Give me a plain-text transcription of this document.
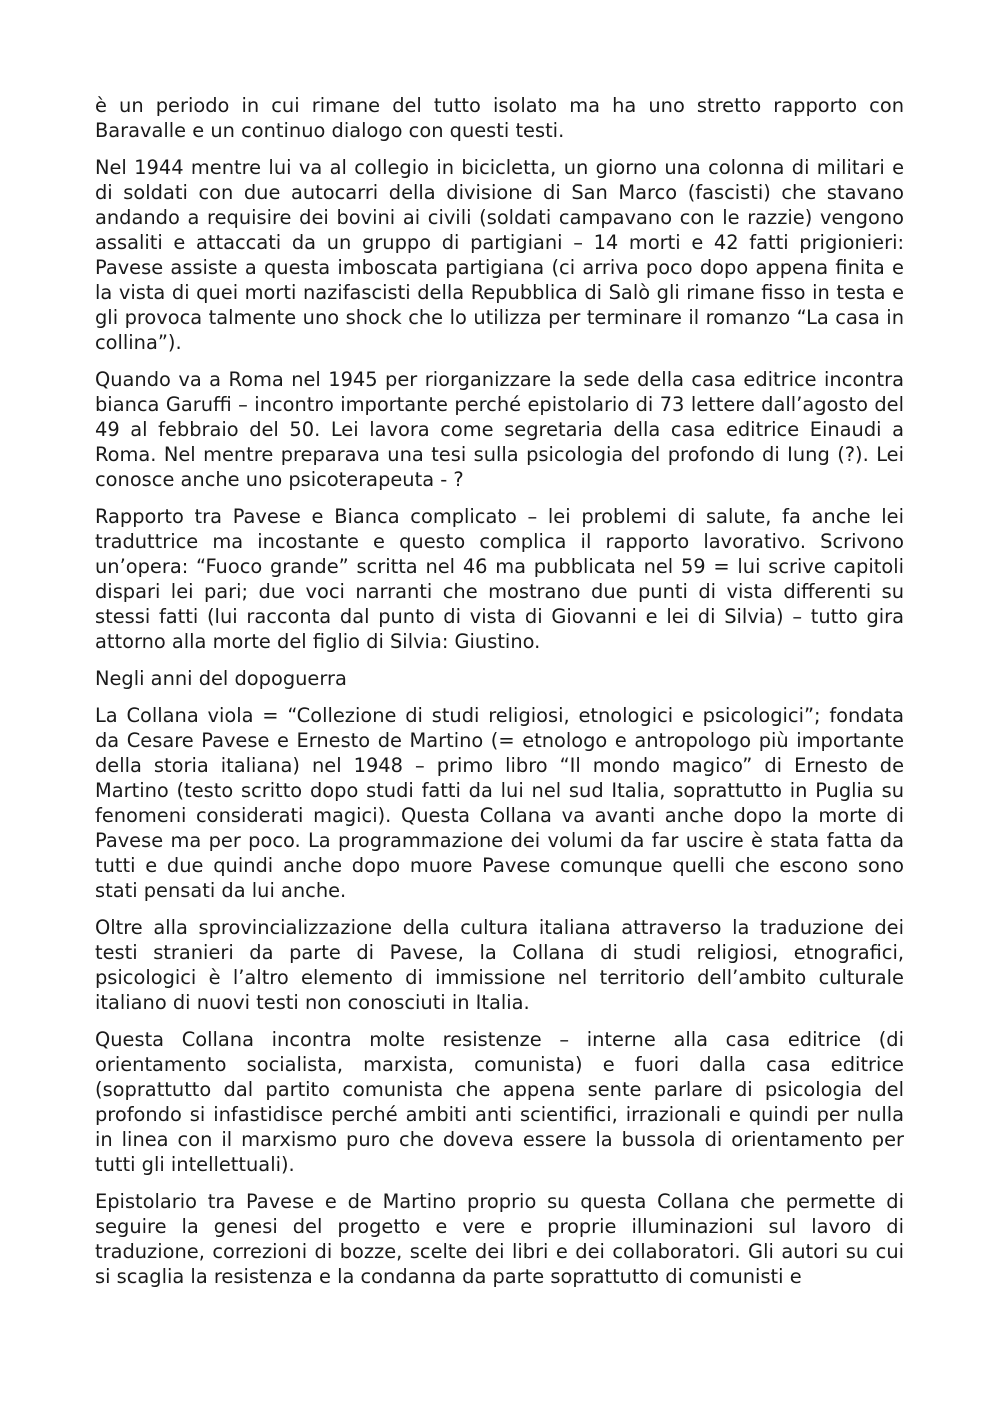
è un periodo in cui rimane del tutto isolato ma ha uno stretto rapporto con Baravalle e un continuo dialogo con questi testi.

Nel 1944 mentre lui va al collegio in bicicletta, un giorno una colonna di militari e di soldati con due autocarri della divisione di San Marco (fascisti) che stavano andando a requisire dei bovini ai civili (soldati campavano con le razzie) vengono assaliti e attaccati da un gruppo di partigiani – 14 morti e 42 fatti prigionieri: Pavese assiste a questa imboscata partigiana (ci arriva poco dopo appena finita e la vista di quei morti nazifascisti della Repubblica di Salò gli rimane fisso in testa e gli provoca talmente uno shock che lo utilizza per terminare il romanzo “La casa in collina”).

Quando va a Roma nel 1945 per riorganizzare la sede della casa editrice incontra bianca Garuffi – incontro importante perché epistolario di 73 lettere dall’agosto del 49 al febbraio del 50. Lei lavora come segretaria della casa editrice Einaudi a Roma. Nel mentre preparava una tesi sulla psicologia del profondo di Iung (?). Lei conosce anche uno psicoterapeuta - ?

Rapporto tra Pavese e Bianca complicato – lei problemi di salute, fa anche lei traduttrice ma incostante e questo complica il rapporto lavorativo. Scrivono un’opera: “Fuoco grande” scritta nel 46 ma pubblicata nel 59 = lui scrive capitoli dispari lei pari; due voci narranti che mostrano due punti di vista differenti su stessi fatti (lui racconta dal punto di vista di Giovanni e lei di Silvia) – tutto gira attorno alla morte del figlio di Silvia: Giustino.

Negli anni del dopoguerra

La Collana viola = “Collezione di studi religiosi, etnologici e psicologici”; fondata da Cesare Pavese e Ernesto de Martino (= etnologo e antropologo più importante della storia italiana) nel 1948 – primo libro “Il mondo magico” di Ernesto de Martino (testo scritto dopo studi fatti da lui nel sud Italia, soprattutto in Puglia su fenomeni considerati magici). Questa Collana va avanti anche dopo la morte di Pavese ma per poco. La programmazione dei volumi da far uscire è stata fatta da tutti e due quindi anche dopo muore Pavese comunque quelli che escono sono stati pensati da lui anche.

Oltre alla sprovincializzazione della cultura italiana attraverso la traduzione dei testi stranieri da parte di Pavese, la Collana di studi religiosi, etnografici, psicologici è l’altro elemento di immissione nel territorio dell’ambito culturale italiano di nuovi testi non conosciuti in Italia.

Questa Collana incontra molte resistenze – interne alla casa editrice (di orientamento socialista, marxista, comunista) e fuori dalla casa editrice (soprattutto dal partito comunista che appena sente parlare di psicologia del profondo si infastidisce perché ambiti anti scientifici, irrazionali e quindi per nulla in linea con il marxismo puro che doveva essere la bussola di orientamento per tutti gli intellettuali).

Epistolario tra Pavese e de Martino proprio su questa Collana che permette di seguire la genesi del progetto e vere e proprie illuminazioni sul lavoro di traduzione, correzioni di bozze, scelte dei libri e dei collaboratori. Gli autori su cui si scaglia la resistenza e la condanna da parte soprattutto di comunisti e
